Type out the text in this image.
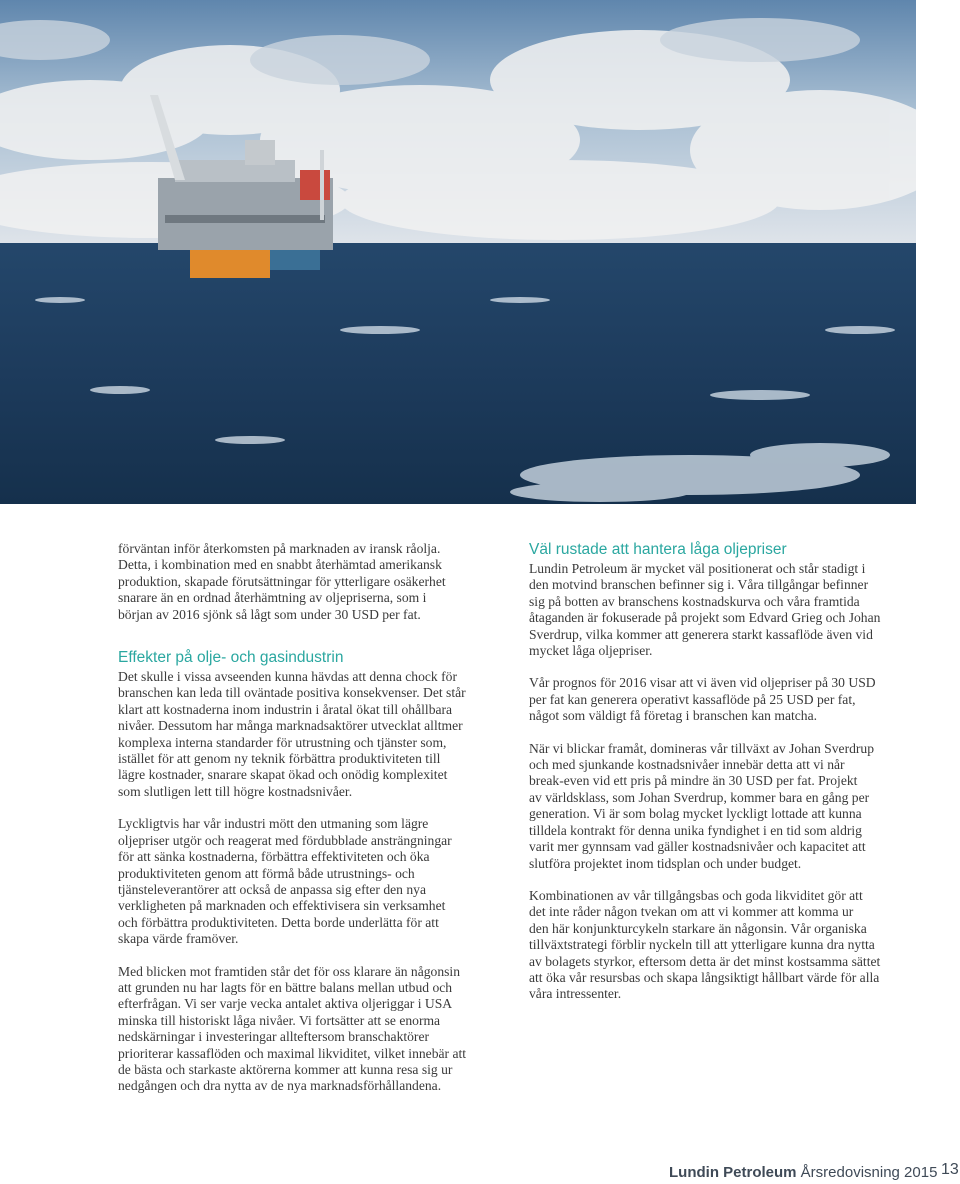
förväntan inför återkomsten på marknaden av iransk råolja.
Detta, i kombination med en snabbt återhämtad amerikansk
produktion, skapade förutsättningar för ytterligare osäkerhet
snarare än en ordnad återhämtning av oljepriserna, som i
början av 2016 sjönk så lågt som under 30 USD per fat.

Effekter på olje- och gasindustrin

Det skulle i vissa avseenden kunna hävdas att denna chock för
branschen kan leda till oväntade positiva konsekvenser. Det står
klart att kostnaderna inom industrin i åratal ökat till ohållbara
nivåer. Dessutom har många marknadsaktörer utvecklat alltmer
komplexa interna standarder för utrustning och tjänster som,
istället för att genom ny teknik förbättra produktiviteten till
lägre kostnader, snarare skapat ökad och onödig komplexitet
som slutligen lett till högre kostnadsnivåer.

Lyckligtvis har vår industri mött den utmaning som lägre
oljepriser utgör och reagerat med fördubblade ansträngningar
för att sänka kostnaderna, förbättra effektiviteten och öka
produktiviteten genom att förmå både utrustnings- och
tjänsteleverantörer att också de anpassa sig efter den nya
verkligheten på marknaden och effektivisera sin verksamhet
och förbättra produktiviteten. Detta borde underlätta för att
skapa värde framöver.

Med blicken mot framtiden står det för oss klarare än någonsin
att grunden nu har lagts för en bättre balans mellan utbud och
efterfrågan. Vi ser varje vecka antalet aktiva oljeriggar i USA
minska till historiskt låga nivåer. Vi fortsätter att se enorma
nedskärningar i investeringar allteftersom branschaktörer
prioriterar kassaflöden och maximal likviditet, vilket innebär att
de bästa och starkaste aktörerna kommer att kunna resa sig ur
nedgången och dra nytta av de nya marknadsförhållandena.

Väl rustade att hantera låga oljepriser

Lundin Petroleum är mycket väl positionerat och står stadigt i
den motvind branschen befinner sig i. Våra tillgångar befinner
sig på botten av branschens kostnadskurva och våra framtida
åtaganden är fokuserade på projekt som Edvard Grieg och Johan
Sverdrup, vilka kommer att generera starkt kassaflöde även vid
mycket låga oljepriser.

Vår prognos för 2016 visar att vi även vid oljepriser på 30 USD
per fat kan generera operativt kassaflöde på 25 USD per fat,
något som väldigt få företag i branschen kan matcha.

När vi blickar framåt, domineras vår tillväxt av Johan Sverdrup
och med sjunkande kostnadsnivåer innebär detta att vi når
break-even vid ett pris på mindre än 30 USD per fat. Projekt
av världsklass, som Johan Sverdrup, kommer bara en gång per
generation. Vi är som bolag mycket lyckligt lottade att kunna
tilldela kontrakt för denna unika fyndighet i en tid som aldrig
varit mer gynnsam vad gäller kostnadsnivåer och kapacitet att
slutföra projektet inom tidsplan och under budget.

Kombinationen av vår tillgångsbas och goda likviditet gör att
det inte råder någon tvekan om att vi kommer att komma ur
den här konjunkturcykeln starkare än någonsin. Vår organiska
tillväxtstrategi förblir nyckeln till att ytterligare kunna dra nytta
av bolagets styrkor, eftersom detta är det minst kostsamma sättet
att öka vår resursbas och skapa långsiktigt hållbart värde för alla
våra intressenter.

Lundin Petroleum Årsredovisning 2015 13
